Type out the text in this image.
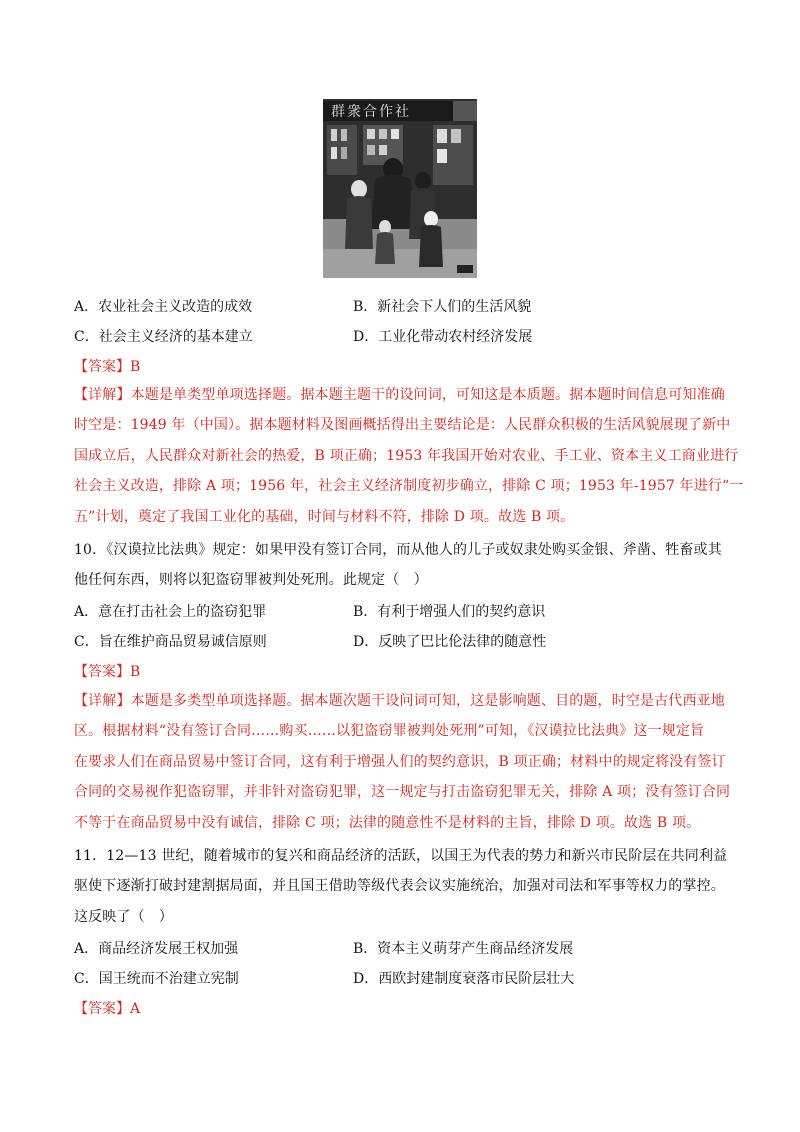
群衆合作社
A．农业社会主义改造的成效	B．新社会下人们的生活风貌
C．社会主义经济的基本建立	D．工业化带动农村经济发展
【答案】B
【详解】本题是单类型单项选择题。据本题主题干的设问词，可知这是本质题。据本题时间信息可知准确
时空是：1949 年（中国）。据本题材料及图画概括得出主要结论是：人民群众积极的生活风貌展现了新中
国成立后，人民群众对新社会的热爱，B 项正确；1953 年我国开始对农业、手工业、资本主义工商业进行
社会主义改造，排除 A 项；1956 年，社会主义经济制度初步确立，排除 C 项；1953 年-1957 年进行“一
五”计划，奠定了我国工业化的基础，时间与材料不符，排除 D 项。故选 B 项。
10．《汉谟拉比法典》规定：如果甲没有签订合同，而从他人的儿子或奴隶处购买金银、斧凿、牲畜或其
他任何东西，则将以犯盗窃罪被判处死刑。此规定（　）
A．意在打击社会上的盗窃犯罪	B．有利于增强人们的契约意识
C．旨在维护商品贸易诚信原则	D．反映了巴比伦法律的随意性
【答案】B
【详解】本题是多类型单项选择题。据本题次题干设问词可知，这是影响题、目的题，时空是古代西亚地
区。根据材料“没有签订合同……购买……以犯盗窃罪被判处死刑”可知，《汉谟拉比法典》这一规定旨
在要求人们在商品贸易中签订合同，这有利于增强人们的契约意识，B 项正确；材料中的规定将没有签订
合同的交易视作犯盗窃罪，并非针对盗窃犯罪，这一规定与打击盗窃犯罪无关，排除 A 项；没有签订合同
不等于在商品贸易中没有诚信，排除 C 项；法律的随意性不是材料的主旨，排除 D 项。故选 B 项。
11．12—13 世纪，随着城市的复兴和商品经济的活跃，以国王为代表的势力和新兴市民阶层在共同利益
驱使下逐渐打破封建割据局面，并且国王借助等级代表会议实施统治，加强对司法和军事等权力的掌控。
这反映了（　）
A．商品经济发展王权加强	B．资本主义萌芽产生商品经济发展
C．国王统而不治建立宪制	D．西欧封建制度衰落市民阶层壮大
【答案】A
